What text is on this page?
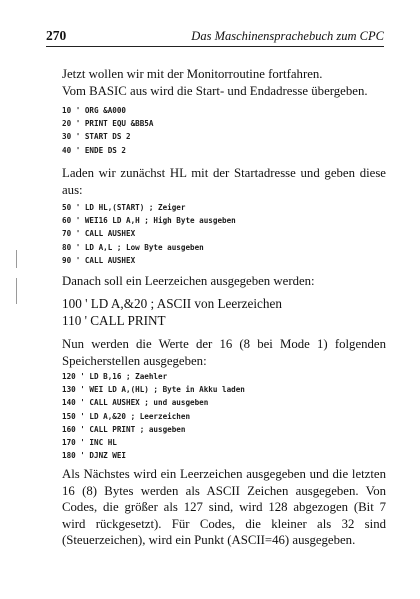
270	Das Maschinensprachebuch zum CPC

Jetzt wollen wir mit der Monitorroutine fortfahren.

Vom BASIC aus wird die Start- und Endadresse übergeben.

10 ' ORG &A000
20 ' PRINT EQU &BB5A
30 ' START DS 2
40 ' ENDE DS 2

Laden wir zunächst HL mit der Startadresse und geben diese aus:

50 ' LD HL,(START) ; Zeiger
60 ' WEI16 LD A,H ; High Byte ausgeben
70 ' CALL AUSHEX
80 ' LD A,L ; Low Byte ausgeben
90 ' CALL AUSHEX

Danach soll ein Leerzeichen ausgegeben werden:

100 ' LD A,&20 ; ASCII von Leerzeichen
110 ' CALL PRINT

Nun werden die Werte der 16 (8 bei Mode 1) folgenden Speicherstellen ausgegeben:

120 ' LD B,16 ; Zaehler
130 ' WEI LD A,(HL) ; Byte in Akku laden
140 ' CALL AUSHEX ; und ausgeben
150 ' LD A,&20 ; Leerzeichen
160 ' CALL PRINT ; ausgeben
170 ' INC HL
180 ' DJNZ WEI

Als Nächstes wird ein Leerzeichen ausgegeben und die letzten 16 (8) Bytes werden als ASCII Zeichen ausgegeben. Von Codes, die größer als 127 sind, wird 128 abgezogen (Bit 7 wird rückgesetzt). Für Codes, die kleiner als 32 sind (Steuerzeichen), wird ein Punkt (ASCII=46) ausgegeben.
